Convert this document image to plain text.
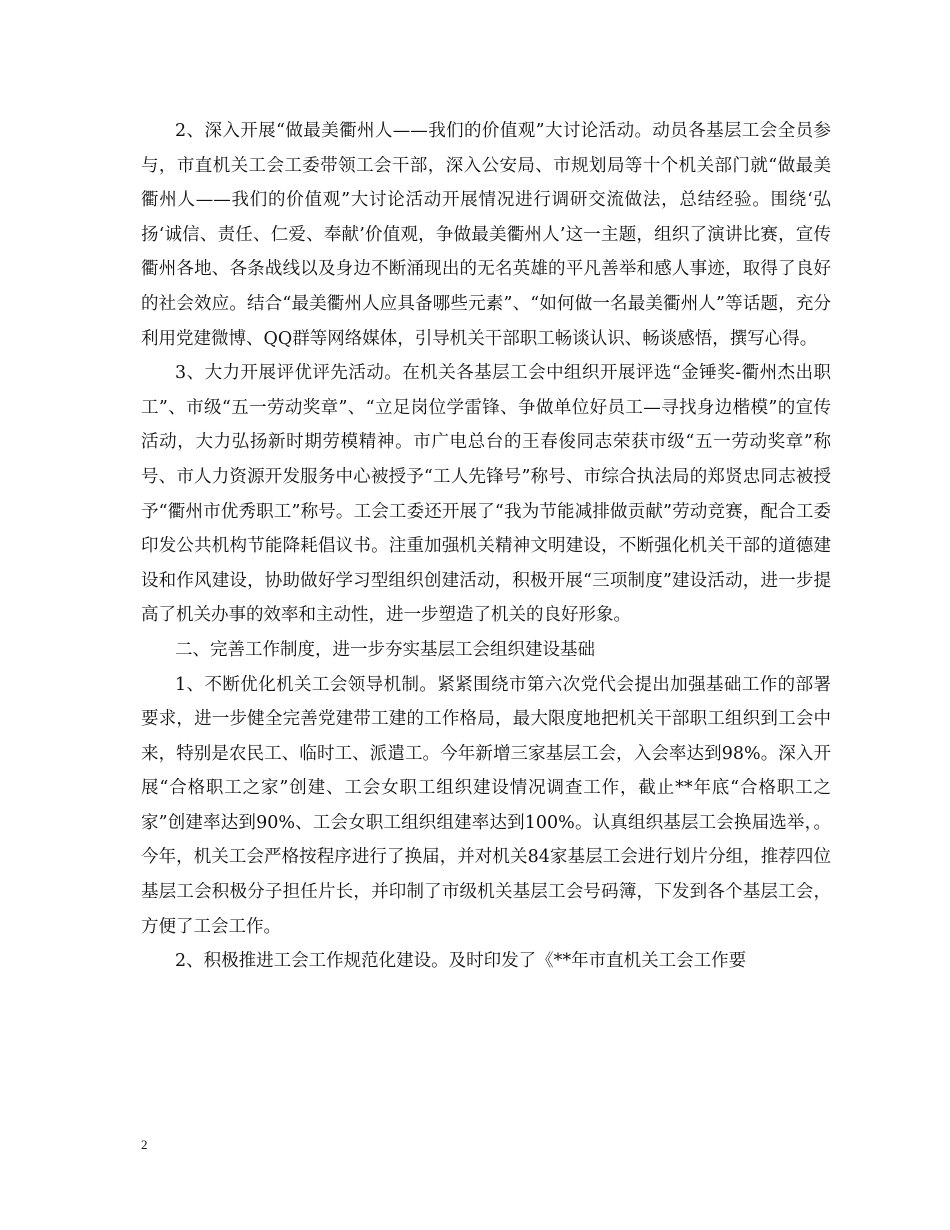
2、深入开展“做最美衢州人——我们的价值观”大讨论活动。动员各基层工会全员参与，市直机关工会工委带领工会干部，深入公安局、市规划局等十个机关部门就“做最美衢州人——我们的价值观”大讨论活动开展情况进行调研交流做法，总结经验。围绕‘弘扬‘诚信、责任、仁爱、奉献’价值观，争做最美衢州人’这一主题，组织了演讲比赛，宣传衢州各地、各条战线以及身边不断涌现出的无名英雄的平凡善举和感人事迹，取得了良好的社会效应。结合“最美衢州人应具备哪些元素”、“如何做一名最美衢州人”等话题，充分利用党建微博、QQ群等网络媒体，引导机关干部职工畅谈认识、畅谈感悟，撰写心得。

3、大力开展评优评先活动。在机关各基层工会中组织开展评选“金锤奖-衢州杰出职工”、市级“五一劳动奖章”、“立足岗位学雷锋、争做单位好员工—寻找身边楷模”的宣传活动，大力弘扬新时期劳模精神。市广电总台的王春俊同志荣获市级“五一劳动奖章”称号、市人力资源开发服务中心被授予“工人先锋号”称号、市综合执法局的郑贤忠同志被授予“衢州市优秀职工”称号。工会工委还开展了“我为节能减排做贡献”劳动竞赛，配合工委印发公共机构节能降耗倡议书。注重加强机关精神文明建设，不断强化机关干部的道德建设和作风建设，协助做好学习型组织创建活动，积极开展“三项制度”建设活动，进一步提高了机关办事的效率和主动性，进一步塑造了机关的良好形象。

二、完善工作制度，进一步夯实基层工会组织建设基础

1、不断优化机关工会领导机制。紧紧围绕市第六次党代会提出加强基础工作的部署要求，进一步健全完善党建带工建的工作格局，最大限度地把机关干部职工组织到工会中来，特别是农民工、临时工、派遣工。今年新增三家基层工会，入会率达到98%。深入开展“合格职工之家”创建、工会女职工组织建设情况调查工作，截止**年底“合格职工之家”创建率达到90%、工会女职工组织组建率达到100%。认真组织基层工会换届选举，。今年，机关工会严格按程序进行了换届，并对机关84家基层工会进行划片分组，推荐四位基层工会积极分子担任片长，并印制了市级机关基层工会号码簿，下发到各个基层工会，方便了工会工作。

2、积极推进工会工作规范化建设。及时印发了《**年市直机关工会工作要

2
